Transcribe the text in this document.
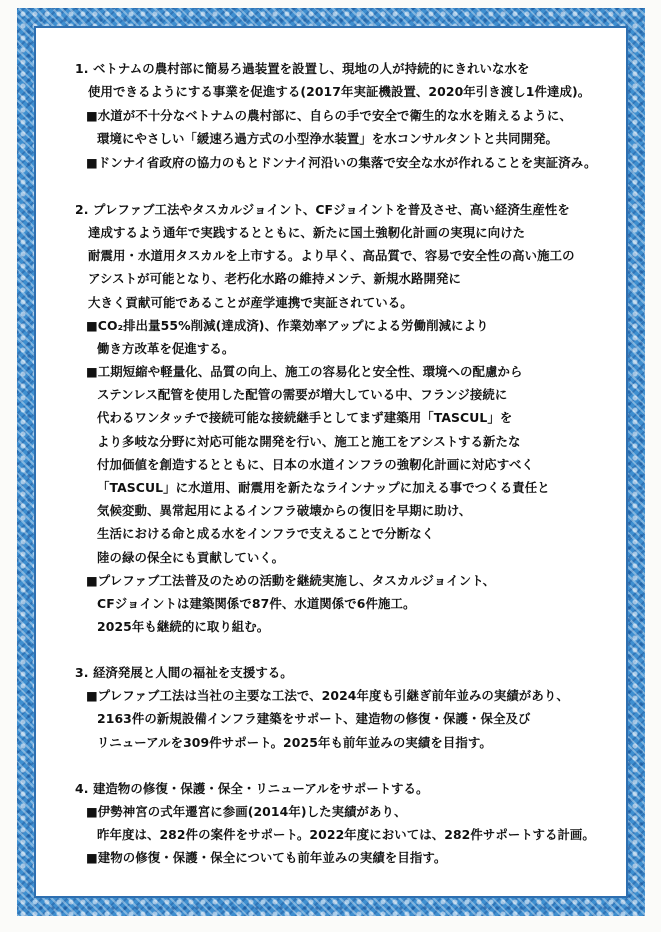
1. ベトナムの農村部に簡易ろ過装置を設置し、現地の人が持続的にきれいな水を
使用できるようにする事業を促進する(2017年実証機設置、2020年引き渡し1件達成)。
■水道が不十分なベトナムの農村部に、自らの手で安全で衛生的な水を賄えるように、
環境にやさしい「緩速ろ過方式の小型浄水装置」を水コンサルタントと共同開発。
■ドンナイ省政府の協力のもとドンナイ河沿いの集落で安全な水が作れることを実証済み。
2. プレファブ工法やタスカルジョイント、CFジョイントを普及させ、高い経済生産性を
達成するよう通年で実践するとともに、新たに国土強靭化計画の実現に向けた
耐震用・水道用タスカルを上市する。より早く、高品質で、容易で安全性の高い施工の
アシストが可能となり、老朽化水路の維持メンテ、新規水路開発に
大きく貢献可能であることが産学連携で実証されている。
■CO₂排出量55%削減(達成済)、作業効率アップによる労働削減により
働き方改革を促進する。
■工期短縮や軽量化、品質の向上、施工の容易化と安全性、環境への配慮から
ステンレス配管を使用した配管の需要が増大している中、フランジ接続に
代わるワンタッチで接続可能な接続継手としてまず建築用「TASCUL」を
より多岐な分野に対応可能な開発を行い、施工と施工をアシストする新たな
付加価値を創造するとともに、日本の水道インフラの強靭化計画に対応すべく
「TASCUL」に水道用、耐震用を新たなラインナップに加える事でつくる責任と
気候変動、異常起用によるインフラ破壊からの復旧を早期に助け、
生活における命と成る水をインフラで支えることで分断なく
陸の緑の保全にも貢献していく。
■プレファブ工法普及のための活動を継続実施し、タスカルジョイント、
CFジョイントは建築関係で87件、水道関係で6件施工。
2025年も継続的に取り組む。
3. 経済発展と人間の福祉を支援する。
■プレファブ工法は当社の主要な工法で、2024年度も引継ぎ前年並みの実績があり、
2163件の新規設備インフラ建築をサポート、建造物の修復・保護・保全及び
リニューアルを309件サポート。2025年も前年並みの実績を目指す。
4. 建造物の修復・保護・保全・リニューアルをサポートする。
■伊勢神宮の式年遷宮に参画(2014年)した実績があり、
昨年度は、282件の案件をサポート。2022年度においては、282件サポートする計画。
■建物の修復・保護・保全についても前年並みの実績を目指す。
